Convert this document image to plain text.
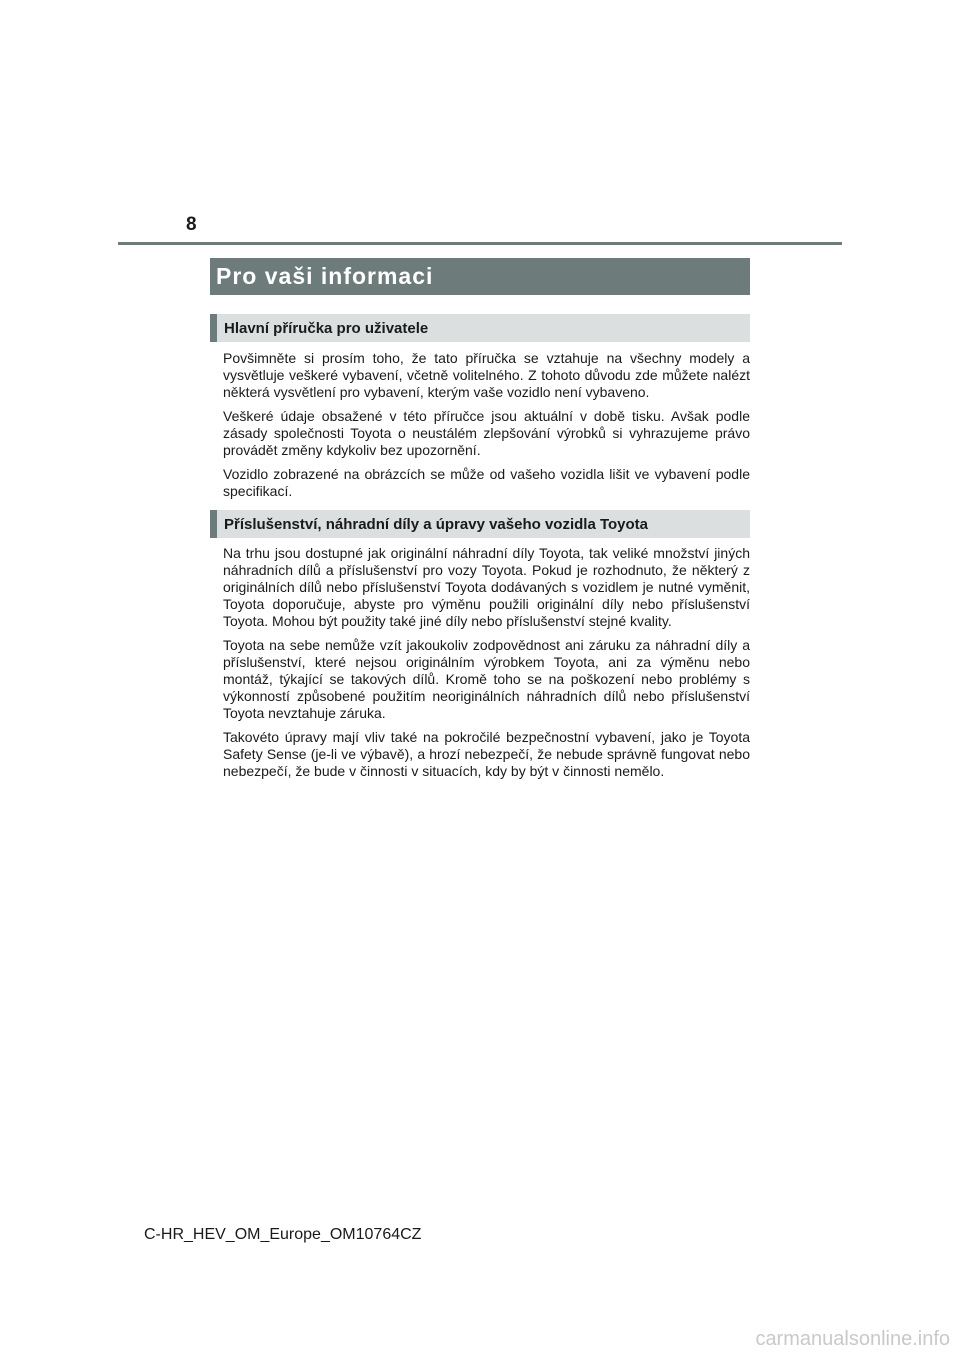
8
Pro vaši informaci
Hlavní příručka pro uživatele

Povšimněte si prosím toho, že tato příručka se vztahuje na všechny modely a vysvětluje veškeré vybavení, včetně volitelného. Z tohoto důvodu zde můžete nalézt některá vysvětlení pro vybavení, kterým vaše vozidlo není vybaveno.

Veškeré údaje obsažené v této příručce jsou aktuální v době tisku. Avšak podle zásady společnosti Toyota o neustálém zlepšování výrobků si vyhrazujeme právo provádět změny kdykoliv bez upozornění.

Vozidlo zobrazené na obrázcích se může od vašeho vozidla lišit ve vybavení podle specifikací.

Příslušenství, náhradní díly a úpravy vašeho vozidla Toyota

Na trhu jsou dostupné jak originální náhradní díly Toyota, tak veliké množství jiných náhradních dílů a příslušenství pro vozy Toyota. Pokud je rozhodnuto, že některý z originálních dílů nebo příslušenství Toyota dodávaných s vozidlem je nutné vyměnit, Toyota doporučuje, abyste pro výměnu použili originální díly nebo příslušenství Toyota. Mohou být použity také jiné díly nebo příslušenství stejné kvality.

Toyota na sebe nemůže vzít jakoukoliv zodpovědnost ani záruku za náhradní díly a příslušenství, které nejsou originálním výrobkem Toyota, ani za výměnu nebo montáž, týkající se takových dílů. Kromě toho se na poškození nebo problémy s výkonností způsobené použitím neoriginálních náhradních dílů nebo příslušenství Toyota nevztahuje záruka.

Takovéto úpravy mají vliv také na pokročilé bezpečnostní vybavení, jako je Toyota Safety Sense (je-li ve výbavě), a hrozí nebezpečí, že nebude správně fungovat nebo nebezpečí, že bude v činnosti v situacích, kdy by být v činnosti nemělo.

C-HR_HEV_OM_Europe_OM10764CZ
carmanualsonline.info
